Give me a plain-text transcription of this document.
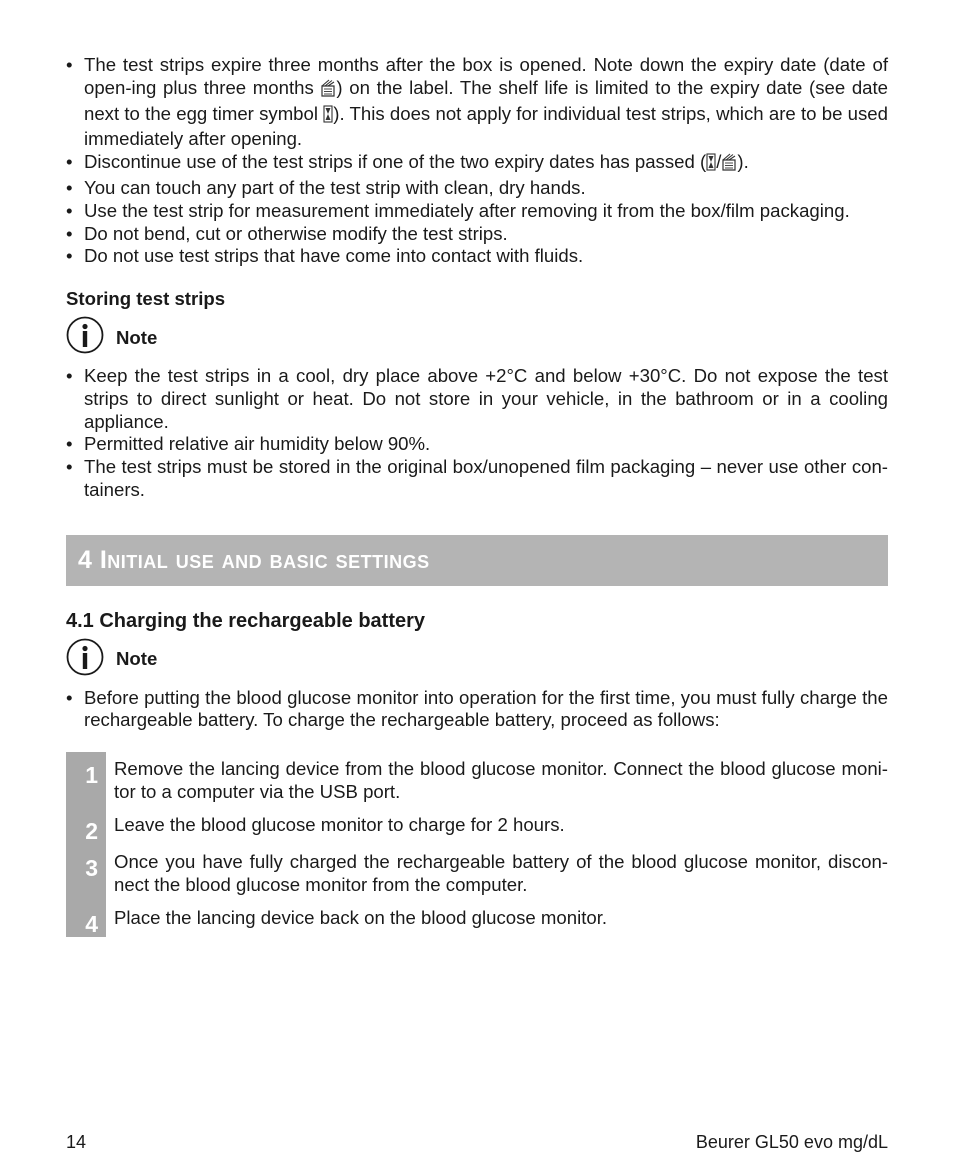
• The test strips expire three months after the box is opened. Note down the expiry date (date of open-ing plus three months ) on the label. The shelf life is limited to the expiry date (see date next to the egg timer symbol ). This does not apply for individual test strips, which are to be used immediately after opening.
• Discontinue use of the test strips if one of the two expiry dates has passed ( / ).
• You can touch any part of the test strip with clean, dry hands.
• Use the test strip for measurement immediately after removing it from the box/film packaging.
• Do not bend, cut or otherwise modify the test strips.
• Do not use test strips that have come into contact with fluids.

Storing test strips

Note
• Keep the test strips in a cool, dry place above +2°C and below +30°C. Do not expose the test strips to direct sunlight or heat. Do not store in your vehicle, in the bathroom or in a cooling appliance.
• Permitted relative air humidity below 90%.
• The test strips must be stored in the original box/unopened film packaging – never use other con-tainers.
4 Initial use and basic settings

4.1 Charging the rechargeable battery

Note
• Before putting the blood glucose monitor into operation for the first time, you must fully charge the rechargeable battery. To charge the rechargeable battery, proceed as follows:
1 Remove the lancing device from the blood glucose monitor. Connect the blood glucose moni-tor to a computer via the USB port.
2 Leave the blood glucose monitor to charge for 2 hours.
3 Once you have fully charged the rechargeable battery of the blood glucose monitor, discon-nect the blood glucose monitor from the computer.
4 Place the lancing device back on the blood glucose monitor.
14	Beurer GL50 evo mg/dL
